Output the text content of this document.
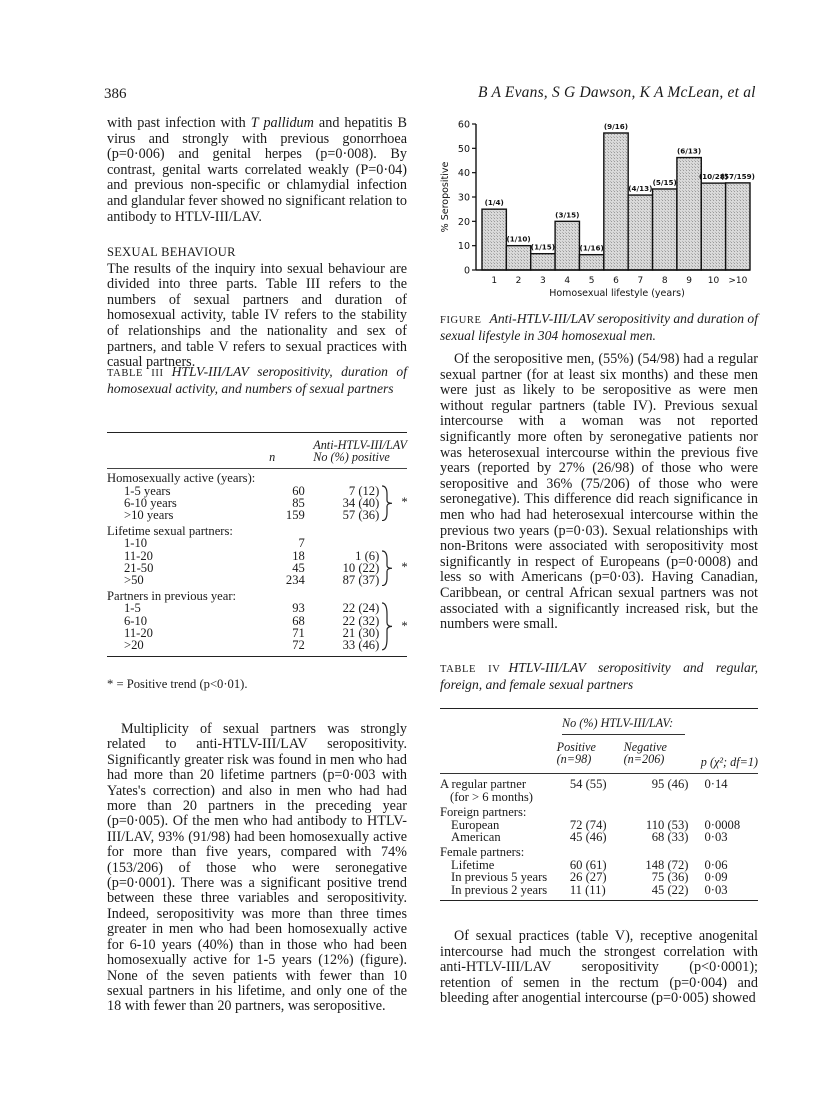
386	B A Evans, S G Dawson, K A McLean, et al

with past infection with T pallidum and hepatitis B virus and strongly with previous gonorrhoea (p=0·006) and genital herpes (p=0·008). By contrast, genital warts correlated weakly (P=0·04) and previous non-specific or chlamydial infection and glandular fever showed no significant relation to antibody to HTLV-III/LAV.

SEXUAL BEHAVIOUR

The results of the inquiry into sexual behaviour are divided into three parts. Table III refers to the numbers of sexual partners and duration of homosexual activity, table IV refers to the stability of relationships and the nationality and sex of partners, and table V refers to sexual practices with casual partners.

TABLE III HTLV-III/LAV seropositivity, duration of homosexual activity, and numbers of sexual partners

		Anti-HTLV-III/LAV

	n	No (%) positive
Homosexually active (years):			
1-5 years	60	7 (12)	*

6-10 years	85	34 (40)	
>10 years	159	57 (36)	

Lifetime sexual partners:			
1-10	7		
11-20	18	1 (6)	*

21-50	45	10 (22)	
>50	234	87 (37)	

Partners in previous year:			
1-5	93	22 (24)	*

6-10	68	22 (32)	
11-20	71	21 (30)	
>20	72	33 (46)	
* = Positive trend (p<0·01).
Multiplicity of sexual partners was strongly related to anti-HTLV-III/LAV seropositivity. Significantly greater risk was found in men who had had more than 20 lifetime partners (p=0·003 with Yates's correction) and also in men who had had more than 20 partners in the preceding year (p=0·005). Of the men who had antibody to HTLV-III/LAV, 93% (91/98) had been homosexually active for more than five years, compared with 74% (153/206) of those who were seronegative (p=0·0001). There was a significant positive trend between these three variables and seropositivity. Indeed, seropositivity was more than three times greater in men who had been homosexually active for 6-10 years (40%) than in those who had been homosexually active for 1-5 years (12%) (figure). None of the seven patients with fewer than 10 sexual partners in his lifetime, and only one of the 18 with fewer than 20 partners, was seropositive.
(1/4)
1
(1/10)
2
(1/15)
3
(3/15)
4
(1/16)
5
(9/16)
6
(4/13)
7
(5/15)
8
(6/13)
9
(10/28)
10
(57/159)
>10
0
10
20
30
40
50
60
% Seropositive
Homosexual lifestyle (years)
FIGURE Anti-HTLV-III/LAV seropositivity and duration of sexual lifestyle in 304 homosexual men.
Of the seropositive men, (55%) (54/98) had a regular sexual partner (for at least six months) and these men were just as likely to be seropositive as were men without regular partners (table IV). Previous sexual intercourse with a woman was not reported significantly more often by seronegative patients nor was heterosexual intercourse within the previous five years (reported by 27% (26/98) of those who were seropositive and 36% (75/206) of those who were seronegative). This difference did reach significance in men who had had heterosexual intercourse within the previous two years (p=0·03). Sexual relationships with non-Britons were associated with seropositivity most significantly in respect of Europeans (p=0·0008) and less so with Americans (p=0·03). Having Canadian, Caribbean, or central African sexual partners was not associated with a significantly increased risk, but the numbers were small.
TABLE IV HTLV-III/LAV seropositivity and regular, foreign, and female sexual partners
No (%) HTLV-III/LAV:
	Positive	Negative	
	(n=98)	(n=206)	p (χ²; df=1)
A regular partner
(for > 6 months)	54 (55)	95 (46)	0·14
Foreign partners:			

European	72 (74)	110 (53)	0·0008

American	45 (46)	68 (33)	0·03
Female partners:			

Lifetime	60 (61)	148 (72)	0·06

In previous 5 years	26 (27)	75 (36)	0·09

In previous 2 years	11 (11)	45 (22)	0·03
Of sexual practices (table V), receptive anogenital intercourse had much the strongest correlation with anti-HTLV-III/LAV seropositivity (p<0·0001); retention of semen in the rectum (p=0·004) and bleeding after anogential intercourse (p=0·005) showed
